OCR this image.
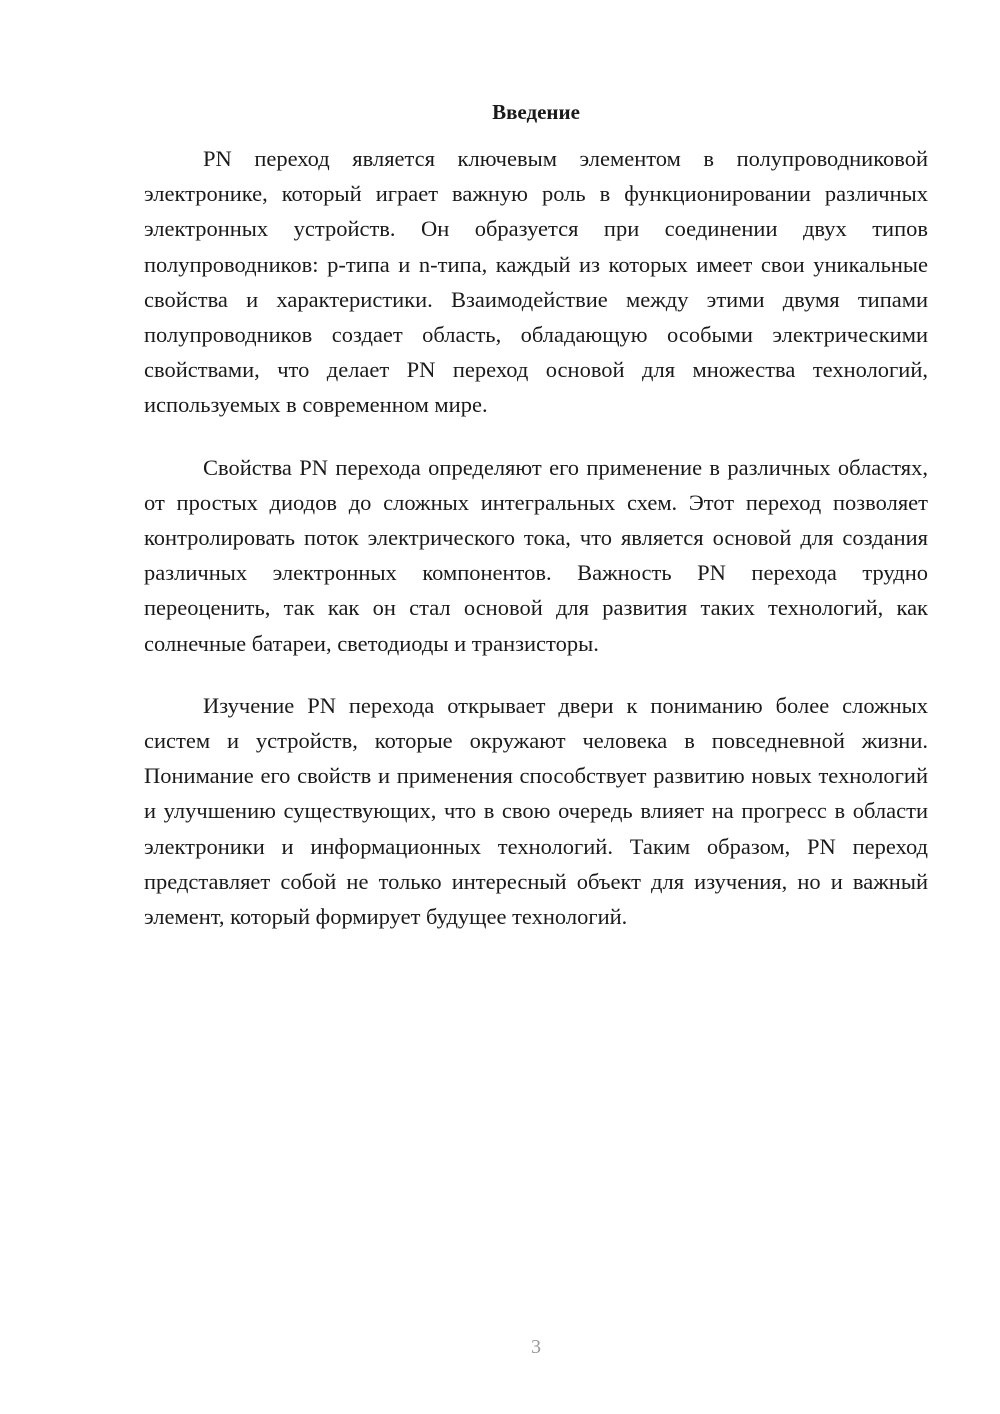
Введение

PN переход является ключевым элементом в полупроводниковой электронике, который играет важную роль в функционировании различных электронных устройств. Он образуется при соединении двух типов полупроводников: p-типа и n-типа, каждый из которых имеет свои уникальные свойства и характеристики. Взаимодействие между этими двумя типами полупроводников создает область, обладающую особыми электрическими свойствами, что делает PN переход основой для множества технологий, используемых в современном мире.

Свойства PN перехода определяют его применение в различных областях, от простых диодов до сложных интегральных схем. Этот переход позволяет контролировать поток электрического тока, что является основой для создания различных электронных компонентов. Важность PN перехода трудно переоценить, так как он стал основой для развития таких технологий, как солнечные батареи, светодиоды и транзисторы.

Изучение PN перехода открывает двери к пониманию более сложных систем и устройств, которые окружают человека в повседневной жизни. Понимание его свойств и применения способствует развитию новых технологий и улучшению существующих, что в свою очередь влияет на прогресс в области электроники и информационных технологий. Таким образом, PN переход представляет собой не только интересный объект для изучения, но и важный элемент, который формирует будущее технологий.

3
